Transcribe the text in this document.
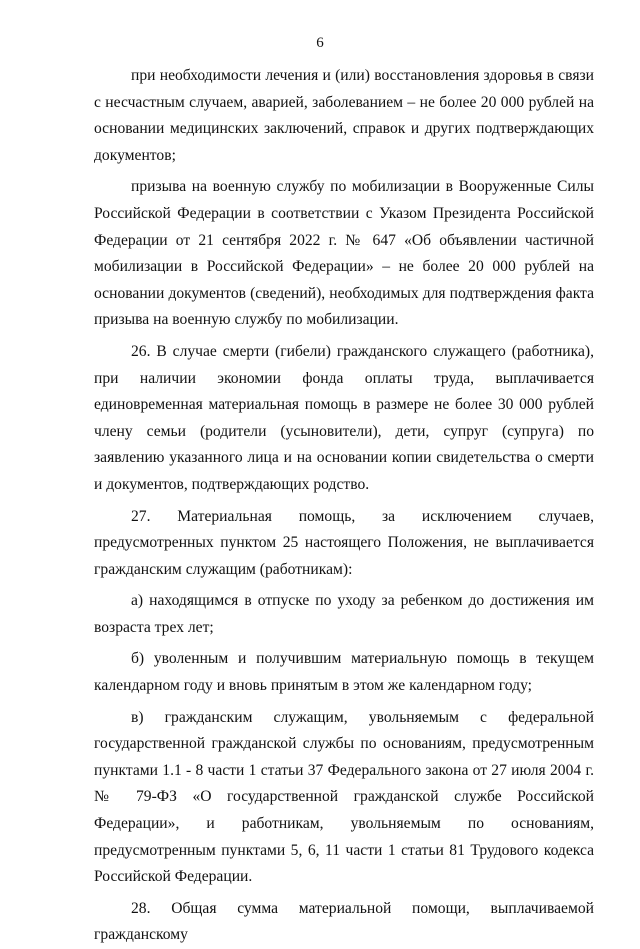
6

при необходимости лечения и (или) восстановления здоровья в связи с несчастным случаем, аварией, заболеванием – не более 20 000 рублей на основании медицинских заключений, справок и других подтверждающих документов;

призыва на военную службу по мобилизации в Вооруженные Силы Российской Федерации в соответствии с Указом Президента Российской Федерации от 21 сентября 2022 г. № 647 «Об объявлении частичной мобилизации в Российской Федерации» – не более 20 000 рублей на основании документов (сведений), необходимых для подтверждения факта призыва на военную службу по мобилизации.

26. В случае смерти (гибели) гражданского служащего (работника), при наличии экономии фонда оплаты труда, выплачивается единовременная материальная помощь в размере не более 30 000 рублей члену семьи (родители (усыновители), дети, супруг (супруга) по заявлению указанного лица и на основании копии свидетельства о смерти и документов, подтверждающих родство.

27. Материальная помощь, за исключением случаев, предусмотренных пунктом 25 настоящего Положения, не выплачивается гражданским служащим (работникам):

а) находящимся в отпуске по уходу за ребенком до достижения им возраста трех лет;

б) уволенным и получившим материальную помощь в текущем календарном году и вновь принятым в этом же календарном году;

в) гражданским служащим, увольняемым с федеральной государственной гражданской службы по основаниям, предусмотренным пунктами 1.1 - 8 части 1 статьи 37 Федерального закона от 27 июля 2004 г. № 79-ФЗ «О государственной гражданской службе Российской Федерации», и работникам, увольняемым по основаниям, предусмотренным пунктами 5, 6, 11 части 1 статьи 81 Трудового кодекса Российской Федерации.

28. Общая сумма материальной помощи, выплачиваемой гражданскому
